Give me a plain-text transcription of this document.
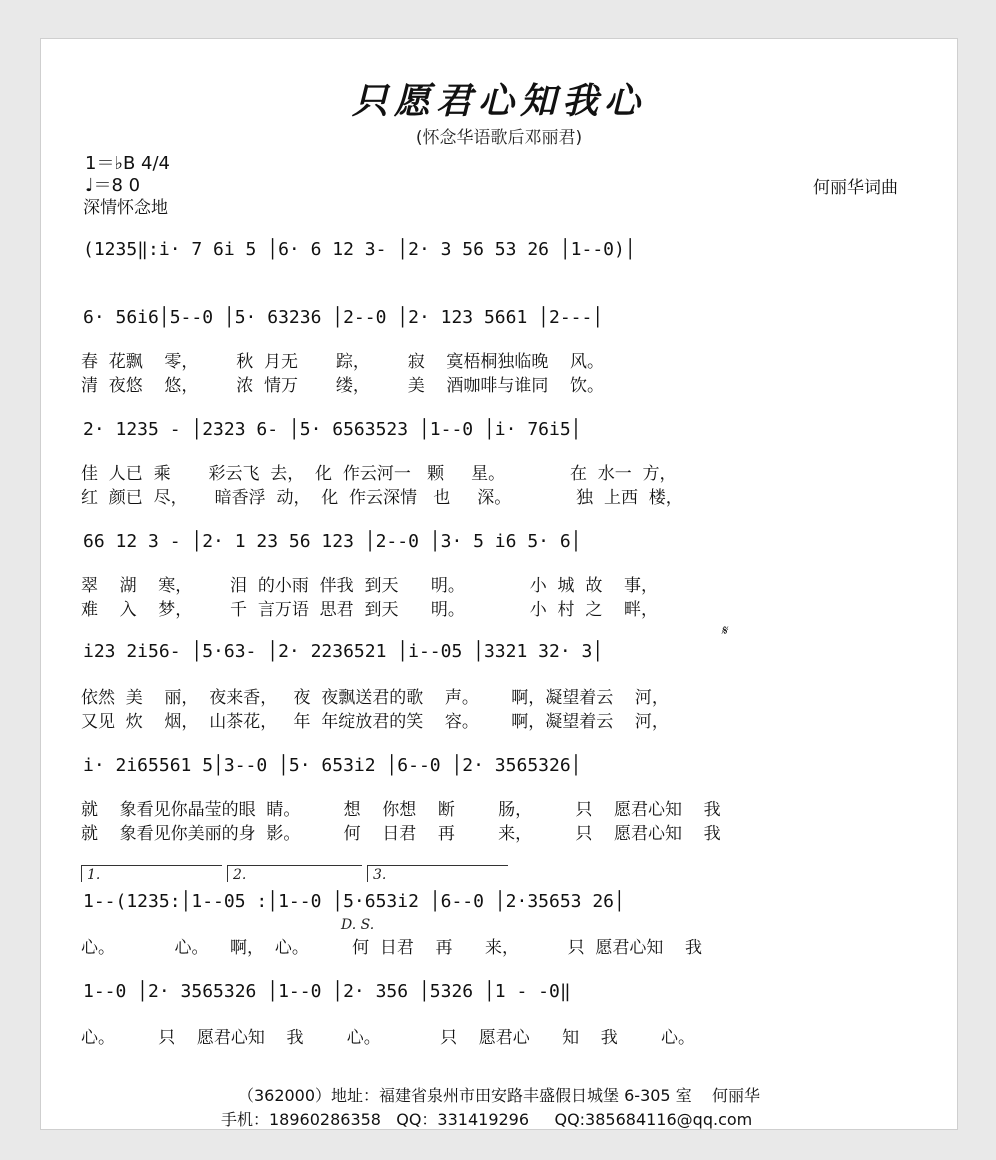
只愿君心知我心
(怀念华语歌后邓丽君)
1＝♭B 4/4
♩＝8 0
深情怀念地
何丽华词曲
(1235‖:i· 7 6i 5 │6· 6 12 3- │2· 3 56 53 26 │1--0)│
6· 56i6│5--0 │5· 63236 │2--0 │2· 123 5661 │2---│
春  花飘    零，       秋  月无       踪，       寂    寞梧桐独临晚    风。
清  夜悠    悠，       浓  情万       缕，       美    酒咖啡与谁同    饮。
2· 1235 - │2323 6- │5· 6563523 │1--0 │i· 76i5│
佳  人已  乘       彩云飞  去，  化  作云河一   颗     星。            在  水一  方，
红  颜已  尽，     暗香浮  动，  化  作云深情   也     深。            独  上西  楼，
66 12 3 - │2· 1 23 56 123 │2--0 │3· 5 i6 5· 6│
翠    湖    寒，       泪  的小雨  伴我  到天      明。            小  城  故    事，
难    入    梦，       千  言万语  思君  到天      明。            小  村  之    畔，
𝄋
i23 2i56- │5·63- │2· 2236521 │i--05 │3321 32· 3│
依然  美    丽，  夜来香，   夜  夜飘送君的歌    声。      啊，凝望着云    河，
又见  炊    烟，  山茶花，   年  年绽放君的笑    容。      啊，凝望着云    河，
i· 2i65561 5│3--0 │5· 653i2 │6--0 │2· 3565326│
就    象看见你晶莹的眼  睛。        想    你想    断        肠，        只    愿君心知    我
就    象看见你美丽的身  影。        何    日君    再        来，        只    愿君心知    我
1.	2.	3.
1--(1235:│1--05 :│1--0 │5·653i2 │6--0 │2·35653 26│
D. S.
心。           心。    啊，  心。        何  日君    再      来，         只  愿君心知    我
1--0 │2· 3565326 │1--0 │2· 356 │5326 │1 - -0‖
心。        只    愿君心知    我        心。           只    愿君心      知    我        心。
（362000）地址：福建省泉州市田安路丰盛假日城堡 6-305 室    何丽华
手机：18960286358   QQ：331419296     QQ:385684116@qq.com
